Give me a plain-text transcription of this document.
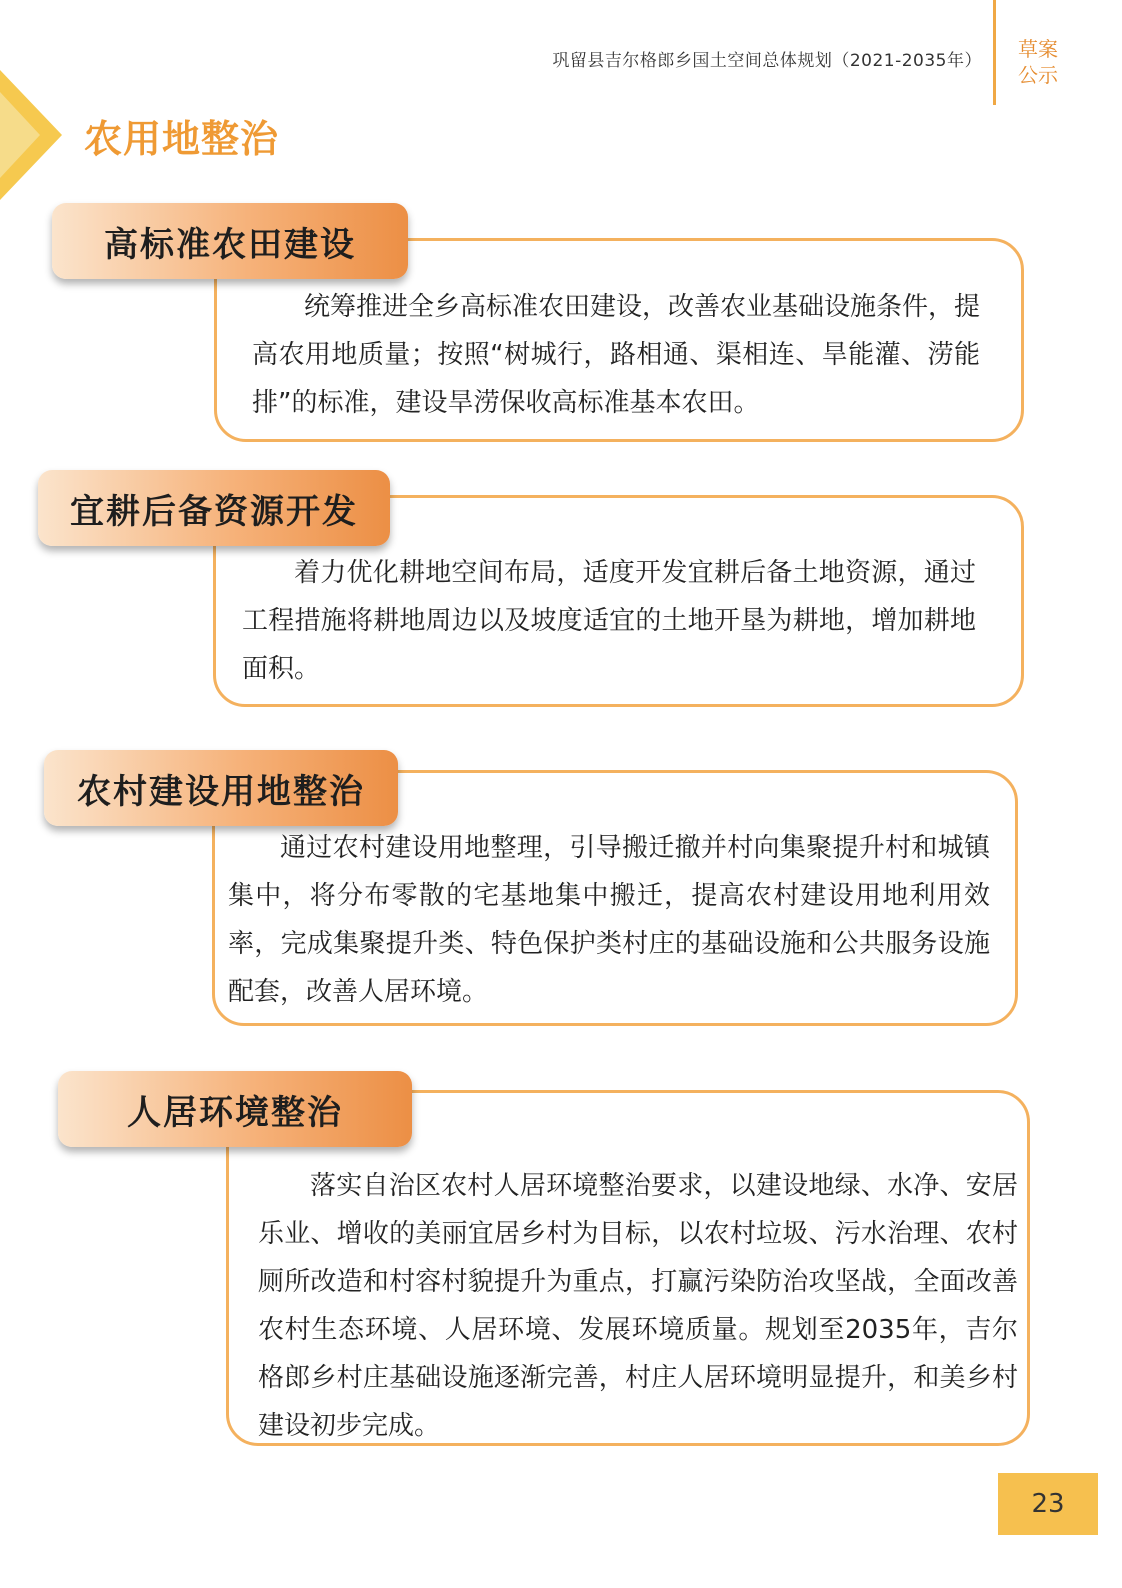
巩留县吉尔格郎乡国土空间总体规划（2021-2035年）	草案
公示
农用地整治
高标准农田建设

统筹推进全乡高标准农田建设，改善农业基础设施条件，提高农用地质量；按照“树城行，路相通、渠相连、旱能灌、涝能排”的标准，建设旱涝保收高标准基本农田。

宜耕后备资源开发

着力优化耕地空间布局，适度开发宜耕后备土地资源，通过工程措施将耕地周边以及坡度适宜的土地开垦为耕地，增加耕地面积。

农村建设用地整治

通过农村建设用地整理，引导搬迁撤并村向集聚提升村和城镇集中，将分布零散的宅基地集中搬迁，提高农村建设用地利用效率，完成集聚提升类、特色保护类村庄的基础设施和公共服务设施配套，改善人居环境。

人居环境整治

落实自治区农村人居环境整治要求，以建设地绿、水净、安居乐业、增收的美丽宜居乡村为目标，以农村垃圾、污水治理、农村厕所改造和村容村貌提升为重点，打赢污染防治攻坚战，全面改善农村生态环境、人居环境、发展环境质量。规划至2035年，吉尔格郎乡村庄基础设施逐渐完善，村庄人居环境明显提升，和美乡村建设初步完成。

23
